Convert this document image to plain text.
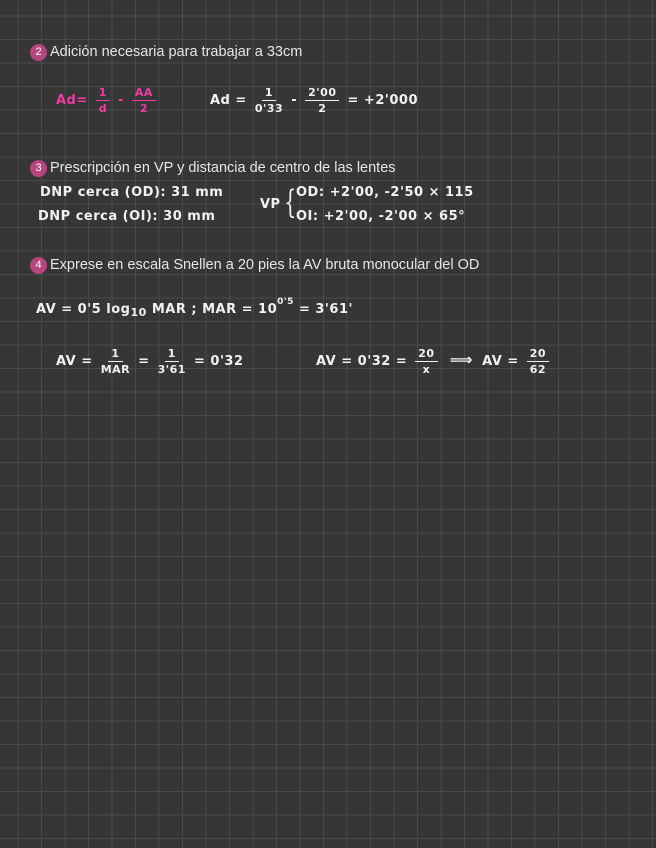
2 Adición necesaria para trabajar a 33cm
$Ad= \frac{1}{d} - \frac{AA}{2}$	$Ad = \frac{1}{0'33} - \frac{2'00}{2} = +2'000$
3 Prescripción en VP y distancia de centro de las lentes
DNP cerca (OD): 31 mm
DNP cerca (OI): 30 mm
VP { OD: +2'00, -2'50 × 115
OI: +2'00, -2'00 × 65°
4 Exprese en escala Snellen a 20 pies la AV bruta monocular del OD
AV = 0'5 $\log_{10}$ MAR ; MAR = $10^{0'5} = 3'61'$
AV = $\frac{1}{\text{MAR}} = \frac{1}{3'61} = 0'32$	AV = $0'32 = \frac{20}{x}$ ⟹ AV = $\frac{20}{62}$
